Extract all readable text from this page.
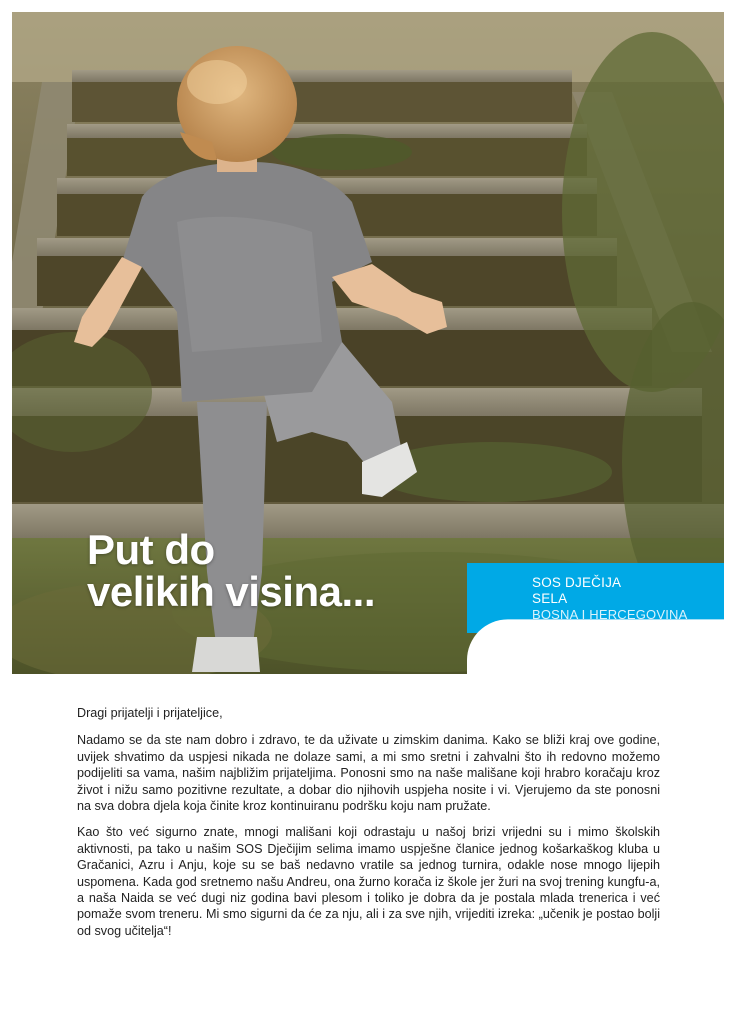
Put do
velikih visina...	SOS DJEČIJA
SELA
BOSNA I HERCEGOVINA

Dragi prijatelji i prijateljice,

Nadamo se da ste nam dobro i zdravo, te da uživate u zimskim danima. Kako se bliži kraj ove godine, uvijek shvatimo da uspjesi nikada ne dolaze sami, a mi smo sretni i zahvalni što ih redovno možemo podijeliti sa vama, našim najbližim prijateljima. Ponosni smo na naše mališane koji hrabro koračaju kroz život i nižu samo pozitivne rezultate, a dobar dio njihovih uspjeha nosite i vi. Vjerujemo da ste ponosni na sva dobra djela koja činite kroz kontinuiranu podršku koju nam pružate.

Kao što već sigurno znate, mnogi mališani koji odrastaju u našoj brizi vrijedni su i mimo školskih aktivnosti, pa tako u našim SOS Dječijim selima imamo uspješne članice jednog košarkaškog kluba u Gračanici, Azru i Anju, koje su se baš nedavno vratile sa jednog turnira, odakle nose mnogo lijepih uspomena. Kada god sretnemo našu Andreu, ona žurno korača iz škole jer žuri na svoj trening kungfu-a, a naša Naida se već dugi niz godina bavi plesom i toliko je dobra da je postala mlada trenerica i već pomaže svom treneru. Mi smo sigurni da će za nju, ali i za sve njih, vrijediti izreka: „učenik je postao bolji od svog učitelja“!
